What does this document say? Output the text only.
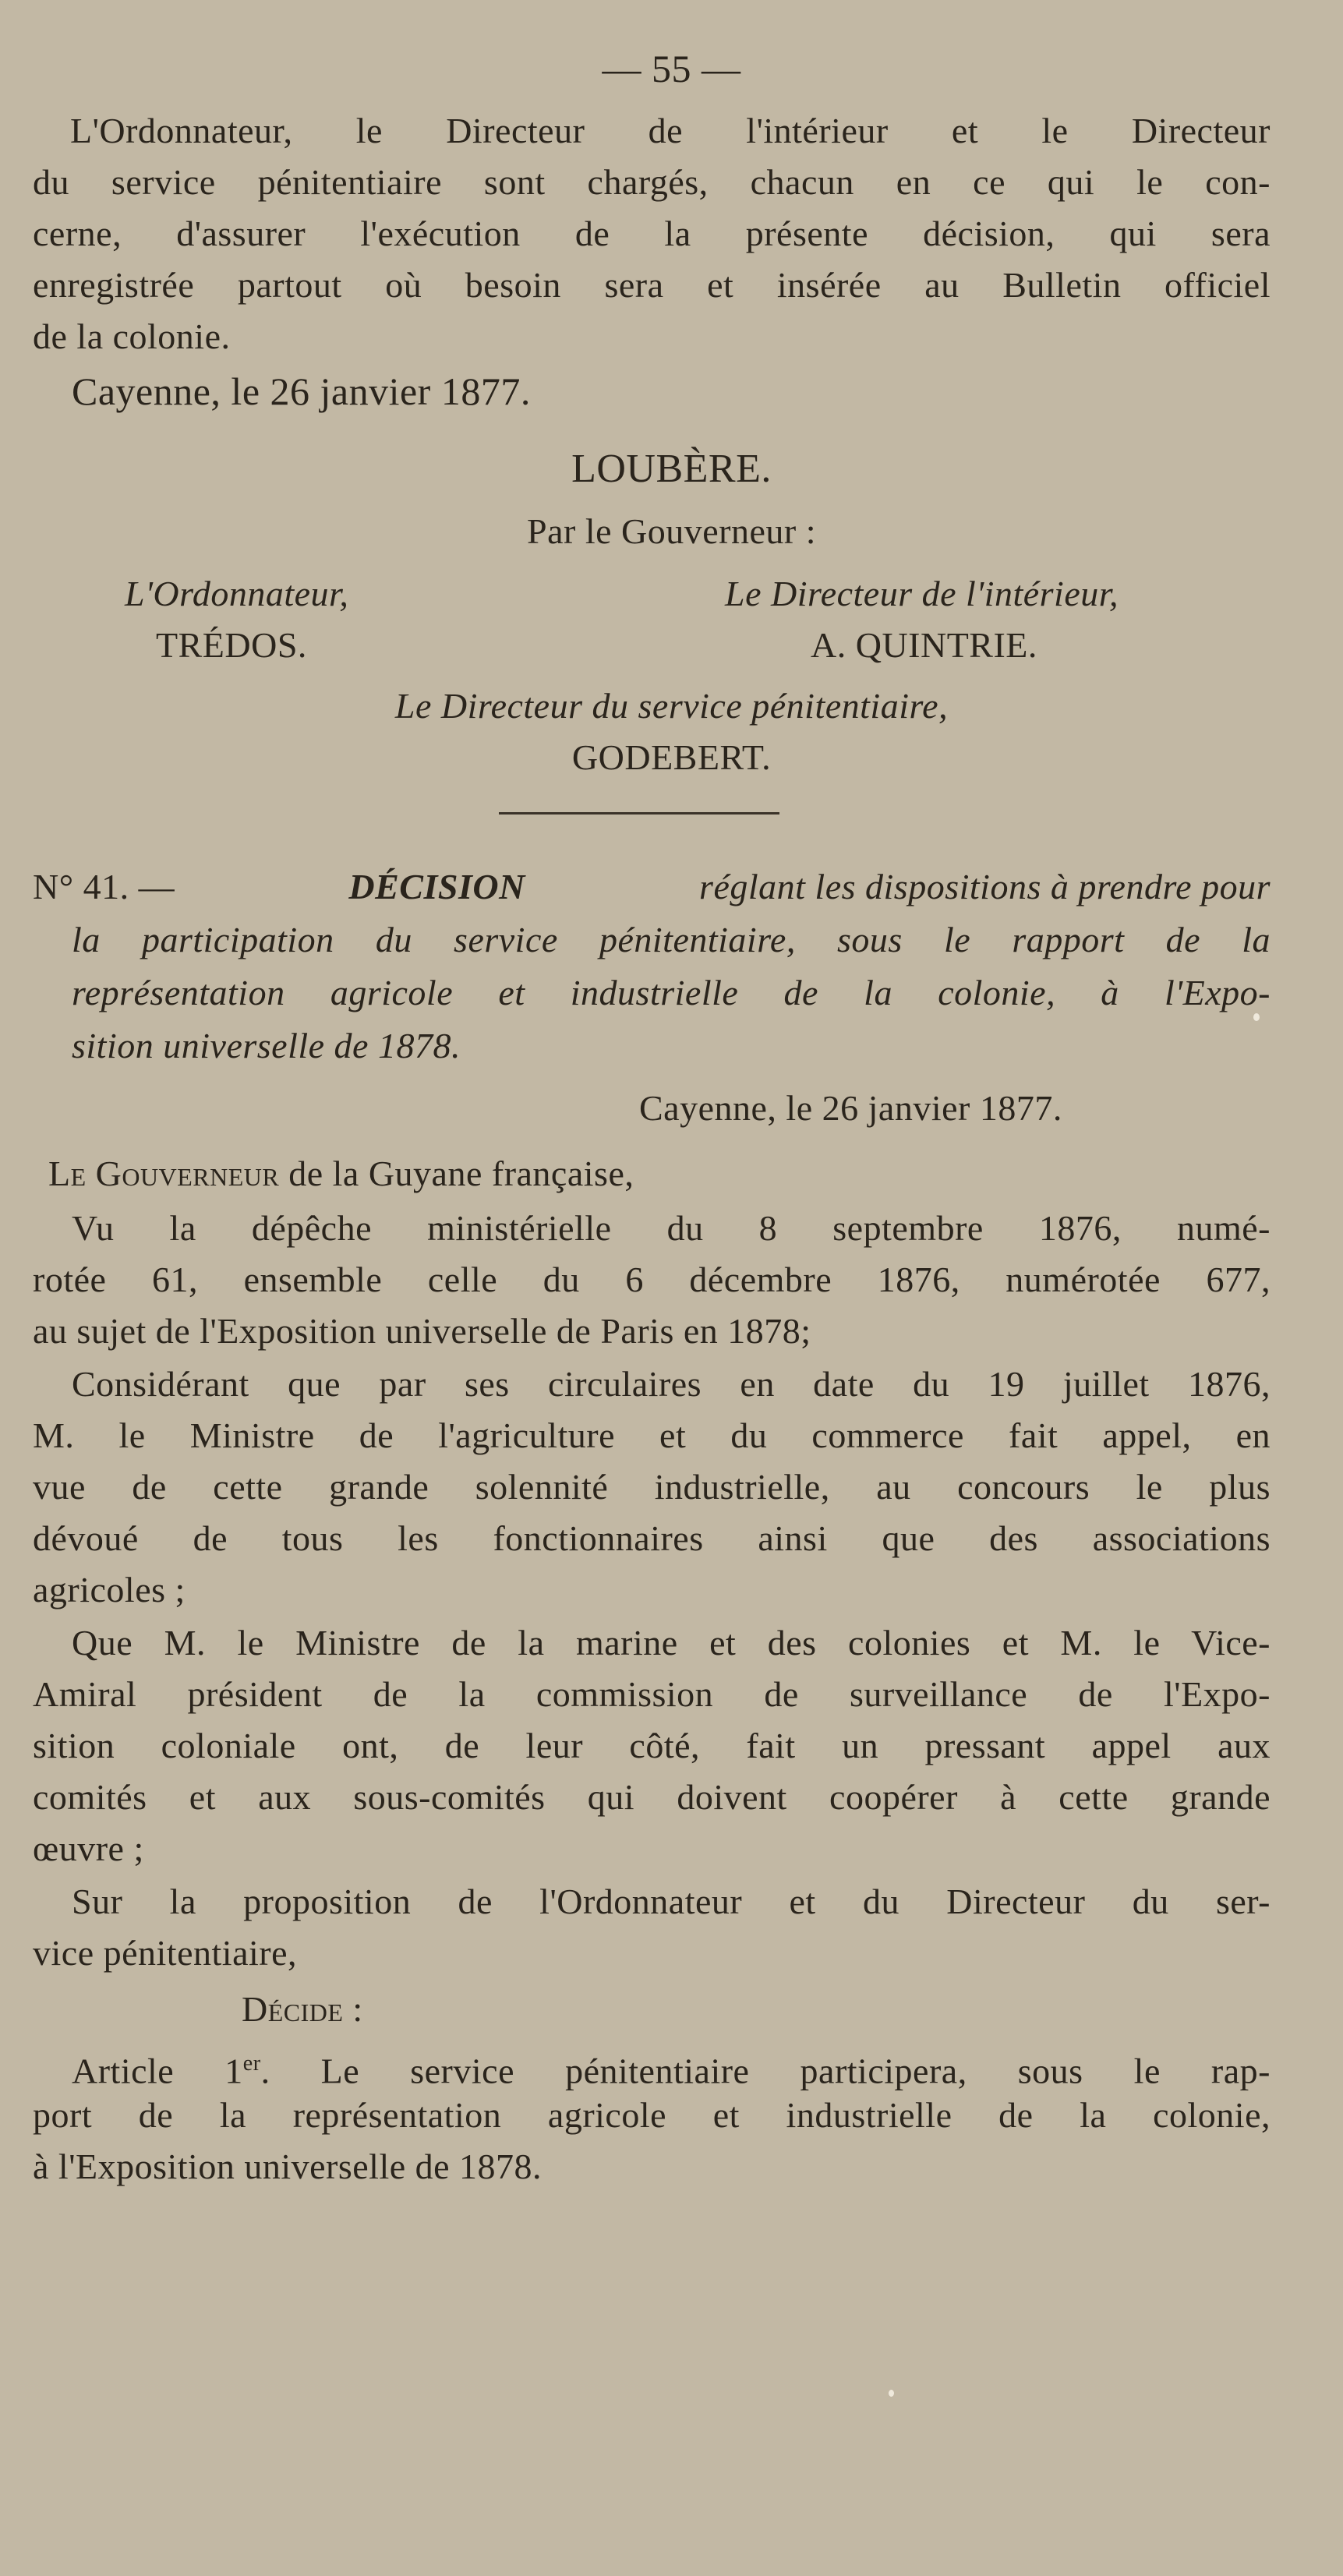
— 55 —
L'Ordonnateur, le Directeur de l'intérieur et le Directeur
du service pénitentiaire sont chargés, chacun en ce qui le con-
cerne, d'assurer l'exécution de la présente décision, qui sera
enregistrée partout où besoin sera et insérée au Bulletin officiel
de la colonie.
Cayenne, le 26 janvier 1877.
LOUBÈRE.
Par le Gouverneur :
L'Ordonnateur,	Le Directeur de l'intérieur,
TRÉDOS.	A. QUINTRIE.
Le Directeur du service pénitentiaire,
GODEBERT.
N° 41. —	DÉCISION	réglant les dispositions à prendre pour
la participation du service pénitentiaire, sous le rapport de la
représentation agricole et industrielle de la colonie, à l'Expo-
sition universelle de 1878.
Cayenne, le 26 janvier 1877.
Le Gouverneur de la Guyane française,
Vu la dépêche ministérielle du 8 septembre 1876, numé-
rotée 61, ensemble celle du 6 décembre 1876, numérotée 677,
au sujet de l'Exposition universelle de Paris en 1878;
Considérant que par ses circulaires en date du 19 juillet 1876,
M. le Ministre de l'agriculture et du commerce fait appel, en
vue de cette grande solennité industrielle, au concours le plus
dévoué de tous les fonctionnaires ainsi que des associations
agricoles ;
Que M. le Ministre de la marine et des colonies et M. le Vice-
Amiral président de la commission de surveillance de l'Expo-
sition coloniale ont, de leur côté, fait un pressant appel aux
comités et aux sous-comités qui doivent coopérer à cette grande
œuvre ;
Sur la proposition de l'Ordonnateur et du Directeur du ser-
vice pénitentiaire,
Décide :
Article 1er. Le service pénitentiaire participera, sous le rap-
port de la représentation agricole et industrielle de la colonie,
à l'Exposition universelle de 1878.
